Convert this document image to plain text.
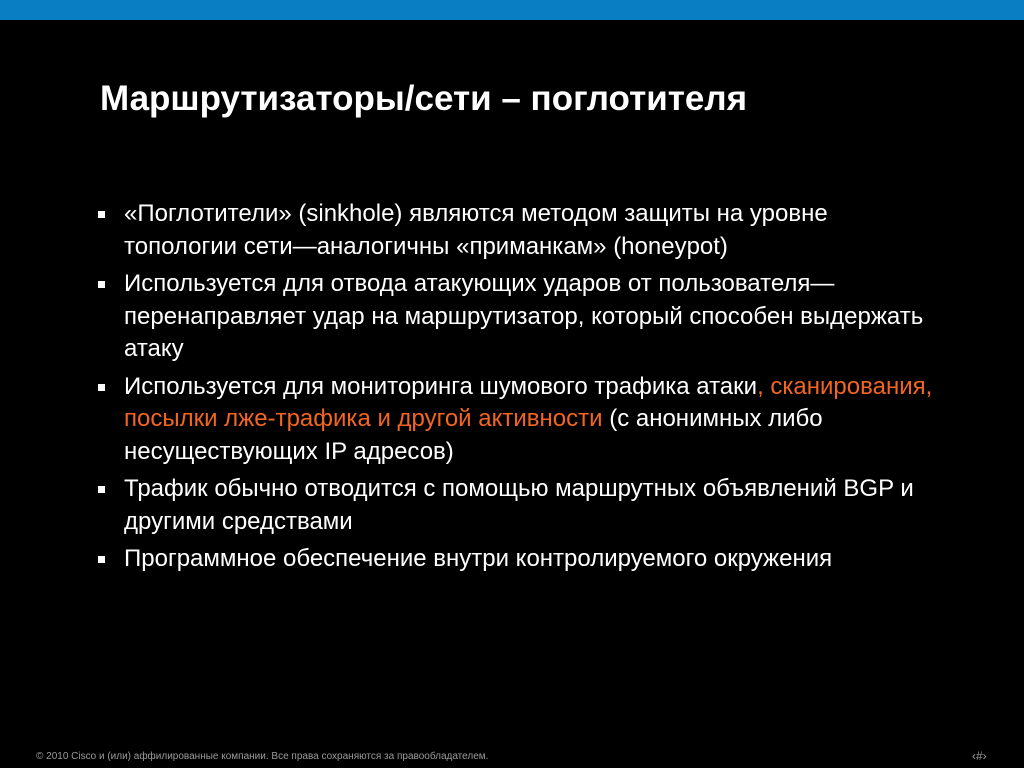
Маршрутизаторы/сети – поглотителя
«Поглотители» (sinkhole) являются методом защиты на уровне топологии сети—аналогичны «приманкам» (honeypot)
Используется для отвода атакующих ударов от пользователя—перенаправляет удар на маршрутизатор, который способен выдержать атаку
Используется для мониторинга шумового трафика атаки, сканирования, посылки лже-трафика и другой активности (с анонимных либо несуществующих IP адресов)
Трафик обычно отводится с помощью маршрутных объявлений BGP и другими средствами
Программное обеспечение внутри контролируемого окружения
© 2010 Cisco и (или) аффилированные компании. Все права сохраняются за правообладателем.	‹#›
